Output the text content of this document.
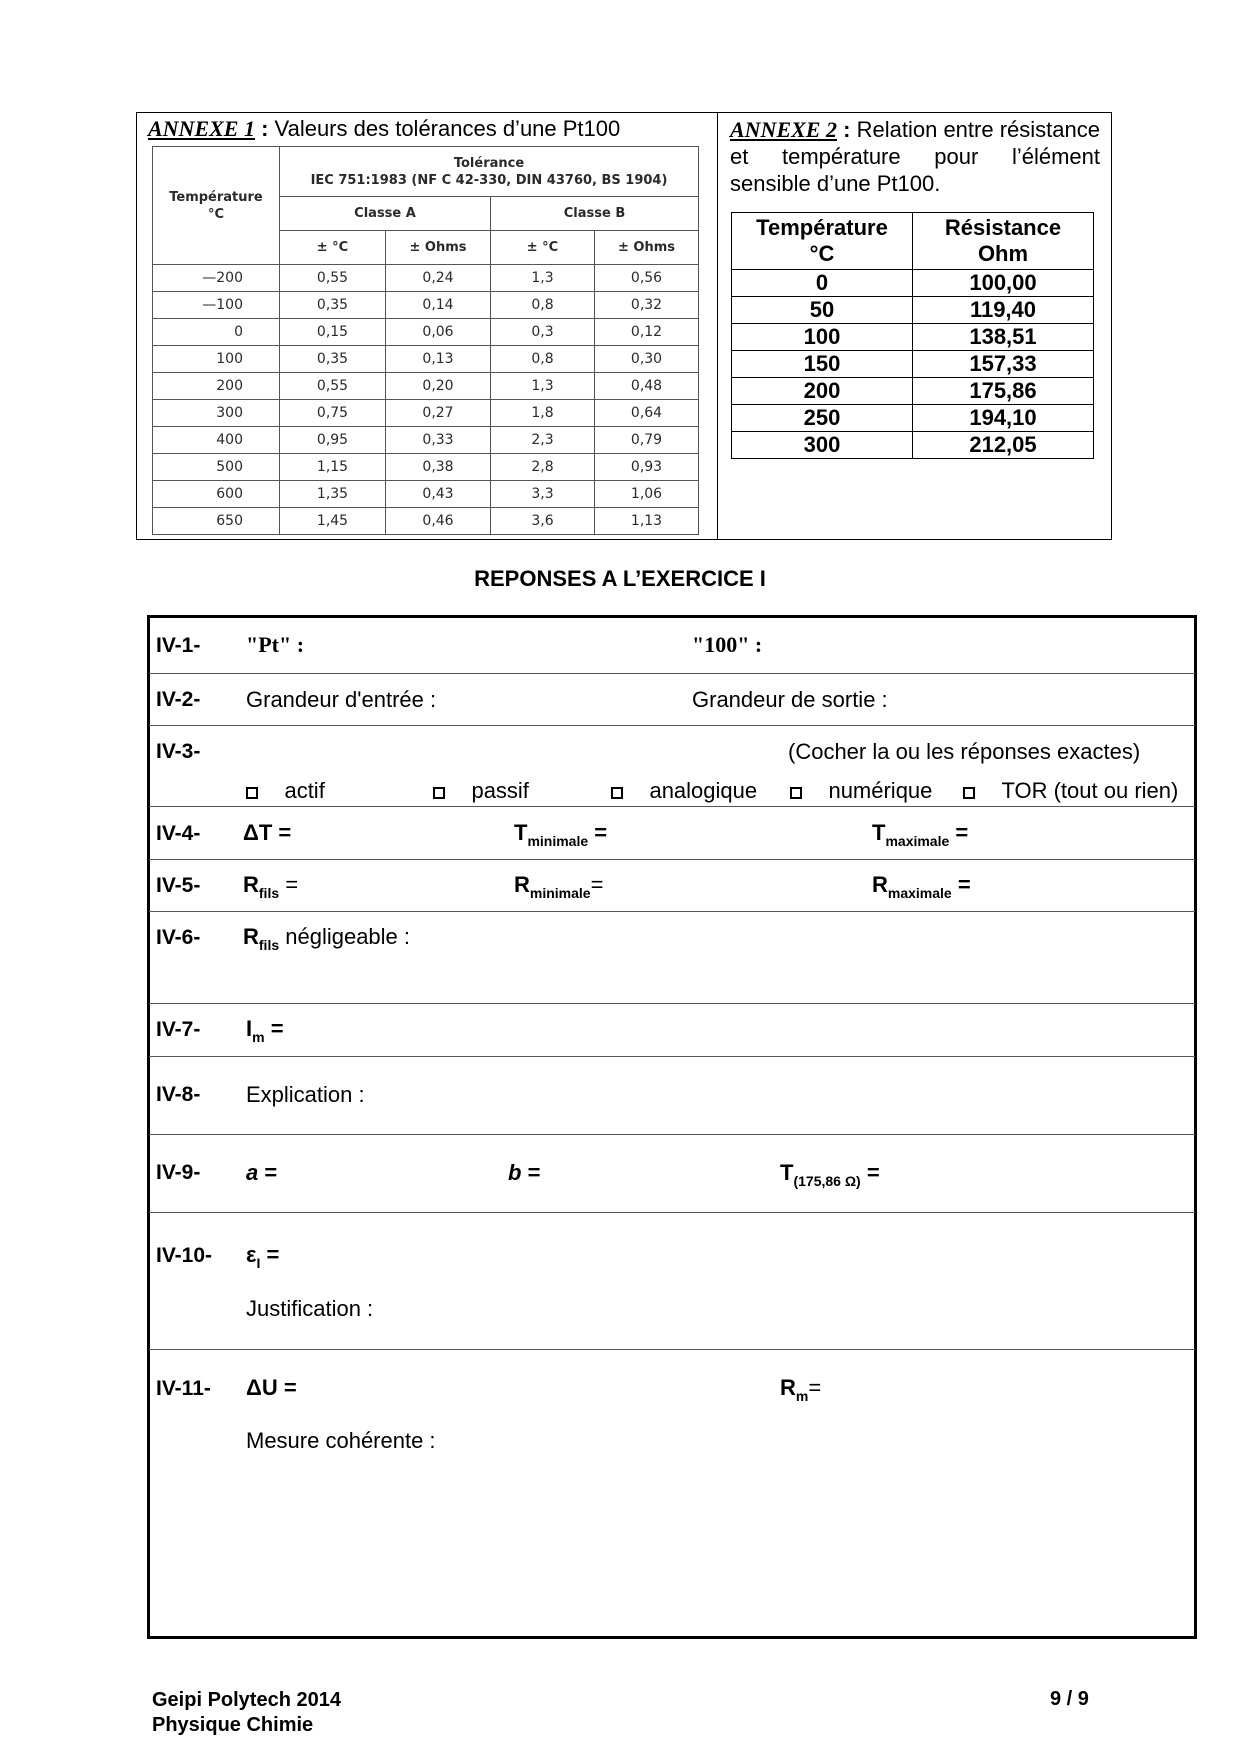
ANNEXE 1 : Valeurs des tolérances d’une Pt100
Température
°C	Tolérance
IEC 751:1983 (NF C 42-330, DIN 43760, BS 1904)			
	Classe A		Classe B	
	± °C	± Ohms	± °C	± Ohms
—200	0,55	0,24	1,3	0,56
—100	0,35	0,14	0,8	0,32
0	0,15	0,06	0,3	0,12
100	0,35	0,13	0,8	0,30
200	0,55	0,20	1,3	0,48
300	0,75	0,27	1,8	0,64
400	0,95	0,33	2,3	0,79
500	1,15	0,38	2,8	0,93
600	1,35	0,43	3,3	1,06
650	1,45	0,46	3,6	1,13
ANNEXE 2 : Relation entre résistance et température pour l’élément sensible d’une Pt100.
Température
°C	Résistance
Ohm
0	100,00
50	119,40
100	138,51
150	157,33
200	175,86
250	194,10
300	212,05
REPONSES A L’EXERCICE I
IV-1- "Pt" :	"100" :
IV-2- Grandeur d'entrée :	Grandeur de sortie :
IV-3-	(Cocher la ou les réponses exactes)
actif	passif	analogique	numérique	TOR (tout ou rien)
IV-4- ΔT =	$T_{minimale}$ =	$T_{maximale}$ =
IV-5- $R_{fils}$ =	$R_{minimale}=$	$R_{maximale}$ =
IV-6- $R_{fils}$ négligeable :
IV-7- $I_m$ =
IV-8- Explication :
IV-9- a =	b =	$T_{(175,86 \Omega)}$ =
IV-10- $\varepsilon_I$ =
Justification :
IV-11- ΔU =	$R_m=$
Mesure cohérente :
Geipi Polytech 2014
Physique Chimie
9 / 9
